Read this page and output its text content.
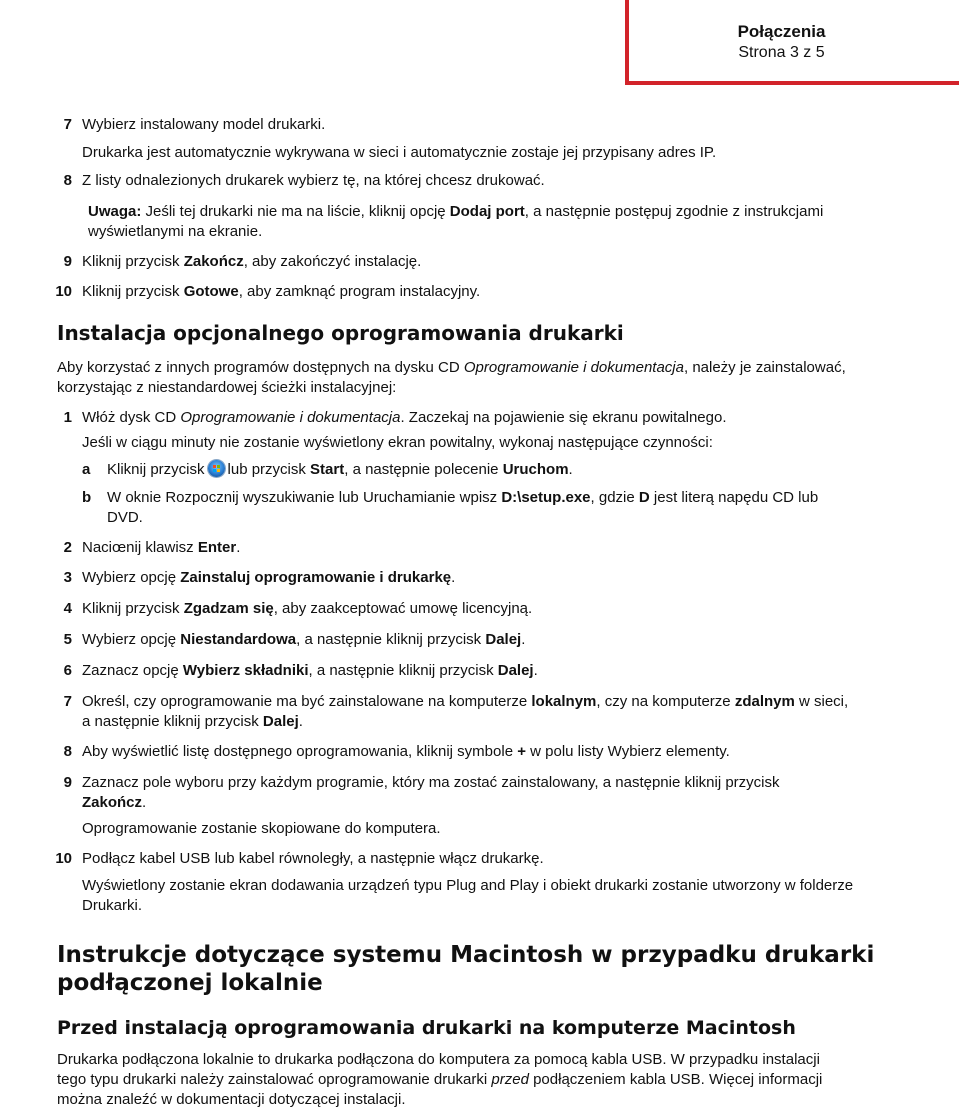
Połączenia
Strona 3 z 5
7 Wybierz instalowany model drukarki.
Drukarka jest automatycznie wykrywana w sieci i automatycznie zostaje jej przypisany adres IP.
8 Z listy odnalezionych drukarek wybierz tę, na której chcesz drukować.
Uwaga: Jeśli tej drukarki nie ma na liście, kliknij opcję Dodaj port, a następnie postępuj zgodnie z instrukcjami
wyświetlanymi na ekranie.
9 Kliknij przycisk Zakończ, aby zakończyć instalację.
10 Kliknij przycisk Gotowe, aby zamknąć program instalacyjny.
Instalacja opcjonalnego oprogramowania drukarki
Aby korzystać z innych programów dostępnych na dysku CD Oprogramowanie i dokumentacja, należy je zainstalować,
korzystając z niestandardowej ścieżki instalacyjnej:
1 Włóż dysk CD Oprogramowanie i dokumentacja. Zaczekaj na pojawienie się ekranu powitalnego.
Jeśli w ciągu minuty nie zostanie wyświetlony ekran powitalny, wykonaj następujące czynności:
a	Kliknij przycisk lub przycisk Start, a następnie polecenie Uruchom.
b	W oknie Rozpocznij wyszukiwanie lub Uruchamianie wpisz D:\setup.exe, gdzie D jest literą napędu CD lub
DVD.
2 Naciœnij klawisz Enter.
3 Wybierz opcję Zainstaluj oprogramowanie i drukarkę.
4 Kliknij przycisk Zgadzam się, aby zaakceptować umowę licencyjną.
5 Wybierz opcję Niestandardowa, a następnie kliknij przycisk Dalej.
6 Zaznacz opcję Wybierz składniki, a następnie kliknij przycisk Dalej.
7 Określ, czy oprogramowanie ma być zainstalowane na komputerze lokalnym, czy na komputerze zdalnym w sieci,
a następnie kliknij przycisk Dalej.
8 Aby wyświetlić listę dostępnego oprogramowania, kliknij symbole + w polu listy Wybierz elementy.
9 Zaznacz pole wyboru przy każdym programie, który ma zostać zainstalowany, a następnie kliknij przycisk
Zakończ.
Oprogramowanie zostanie skopiowane do komputera.
10 Podłącz kabel USB lub kabel równoległy, a następnie włącz drukarkę.
Wyświetlony zostanie ekran dodawania urządzeń typu Plug and Play i obiekt drukarki zostanie utworzony w folderze
Drukarki.
Instrukcje dotyczące systemu Macintosh w przypadku drukarki
podłączonej lokalnie
Przed instalacją oprogramowania drukarki na komputerze Macintosh
Drukarka podłączona lokalnie to drukarka podłączona do komputera za pomocą kabla USB. W przypadku instalacji
tego typu drukarki należy zainstalować oprogramowanie drukarki przed podłączeniem kabla USB. Więcej informacji
można znaleźć w dokumentacji dotyczącej instalacji.
